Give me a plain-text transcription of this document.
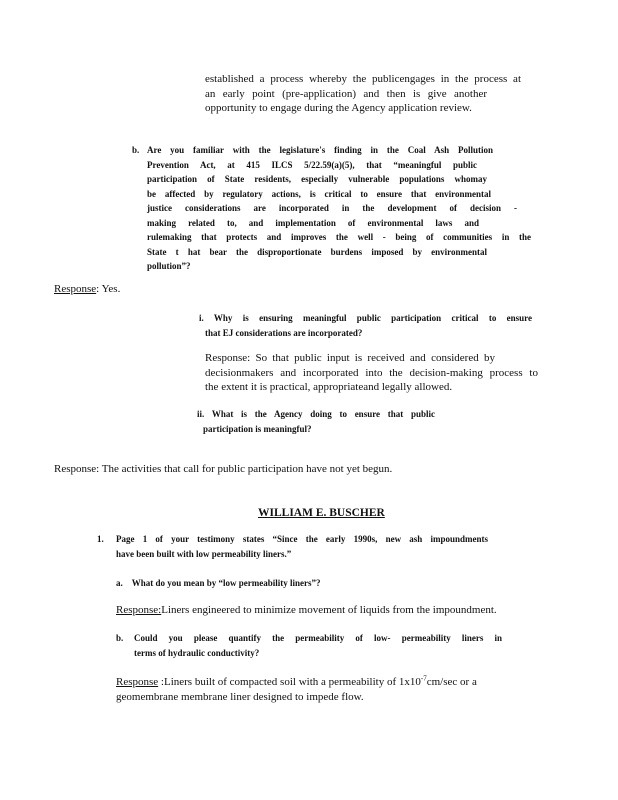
established a process whereby the publicengages in the process at
an early point (pre-application) and then is give another
opportunity to engage during the Agency application review.
b. Are you familiar with the legislature's finding in the Coal Ash Pollution
Prevention Act, at 415 ILCS 5/22.59(a)(5), that “meaningful public
participation of State residents, especially vulnerable populations whomay
be affected by regulatory actions, is critical to ensure that environmental
justice considerations are incorporated in the development of decision -
making related to, and implementation of environmental laws and
rulemaking that protects and improves the well - being of communities in the
State t hat bear the disproportionate burdens imposed by environmental
pollution”?
Response: Yes.
i. Why is ensuring meaningful public participation critical to ensure
that EJ considerations are incorporated?
Response: So that public input is received and considered by
decisionmakers and incorporated into the decision-making process to
the extent it is practical, appropriateand legally allowed.
ii. What is the Agency doing to ensure that public
participation is meaningful?
Response: The activities that call for public participation have not yet begun.
WILLIAM E. BUSCHER
1. Page 1 of your testimony states “Since the early 1990s, new ash impoundments
have been built with low permeability liners.”
a. What do you mean by “low permeability liners”?
Response:Liners engineered to minimize movement of liquids from the impoundment.
b. Could you please quantify the permeability of low- permeability liners in
terms of hydraulic conductivity?
Response :Liners built of compacted soil with a permeability of $1x10^{-7}cm/\sec$ or a
geomembrane membrane liner designed to impede flow.
